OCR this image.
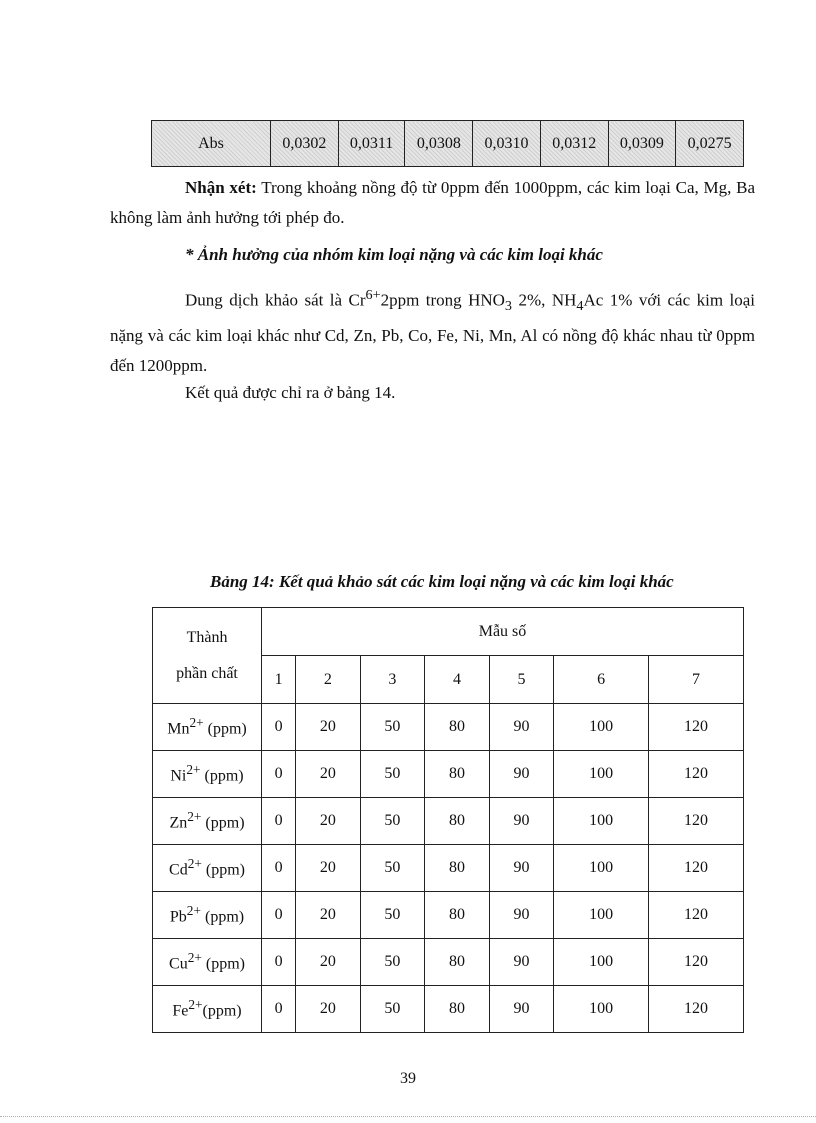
Abs	0,0302	0,0311	0,0308	0,0310	0,0312	0,0309	0,0275

Nhận xét: Trong khoảng nồng độ từ 0ppm đến 1000ppm, các kim loại Ca, Mg, Ba không làm ảnh hưởng tới phép đo.

* Ảnh hưởng của nhóm kim loại nặng và các kim loại khác

Dung dịch khảo sát là $Cr^{6+}2ppm$ trong $HNO_3$ 2%, $NH_4Ac$ 1% với các kim loại nặng và các kim loại khác như Cd, Zn, Pb, Co, Fe, Ni, Mn, Al có nồng độ khác nhau từ 0ppm đến 1200ppm.

Kết quả được chỉ ra ở bảng 14.

Bảng 14: Kết quả khảo sát các kim loại nặng và các kim loại khác

Thành
phần chất	Mẫu số						
	1	2	3	4	5	6	7
$Mn^{2+}$ (ppm)	0	20	50	80	90	100	120
$Ni^{2+}$ (ppm)	0	20	50	80	90	100	120
$Zn^{2+}$ (ppm)	0	20	50	80	90	100	120
$Cd^{2+}$ (ppm)	0	20	50	80	90	100	120
$Pb^{2+}$ (ppm)	0	20	50	80	90	100	120
$Cu^{2+}$ (ppm)	0	20	50	80	90	100	120
$Fe^{2+}(ppm)$	0	20	50	80	90	100	120
39
